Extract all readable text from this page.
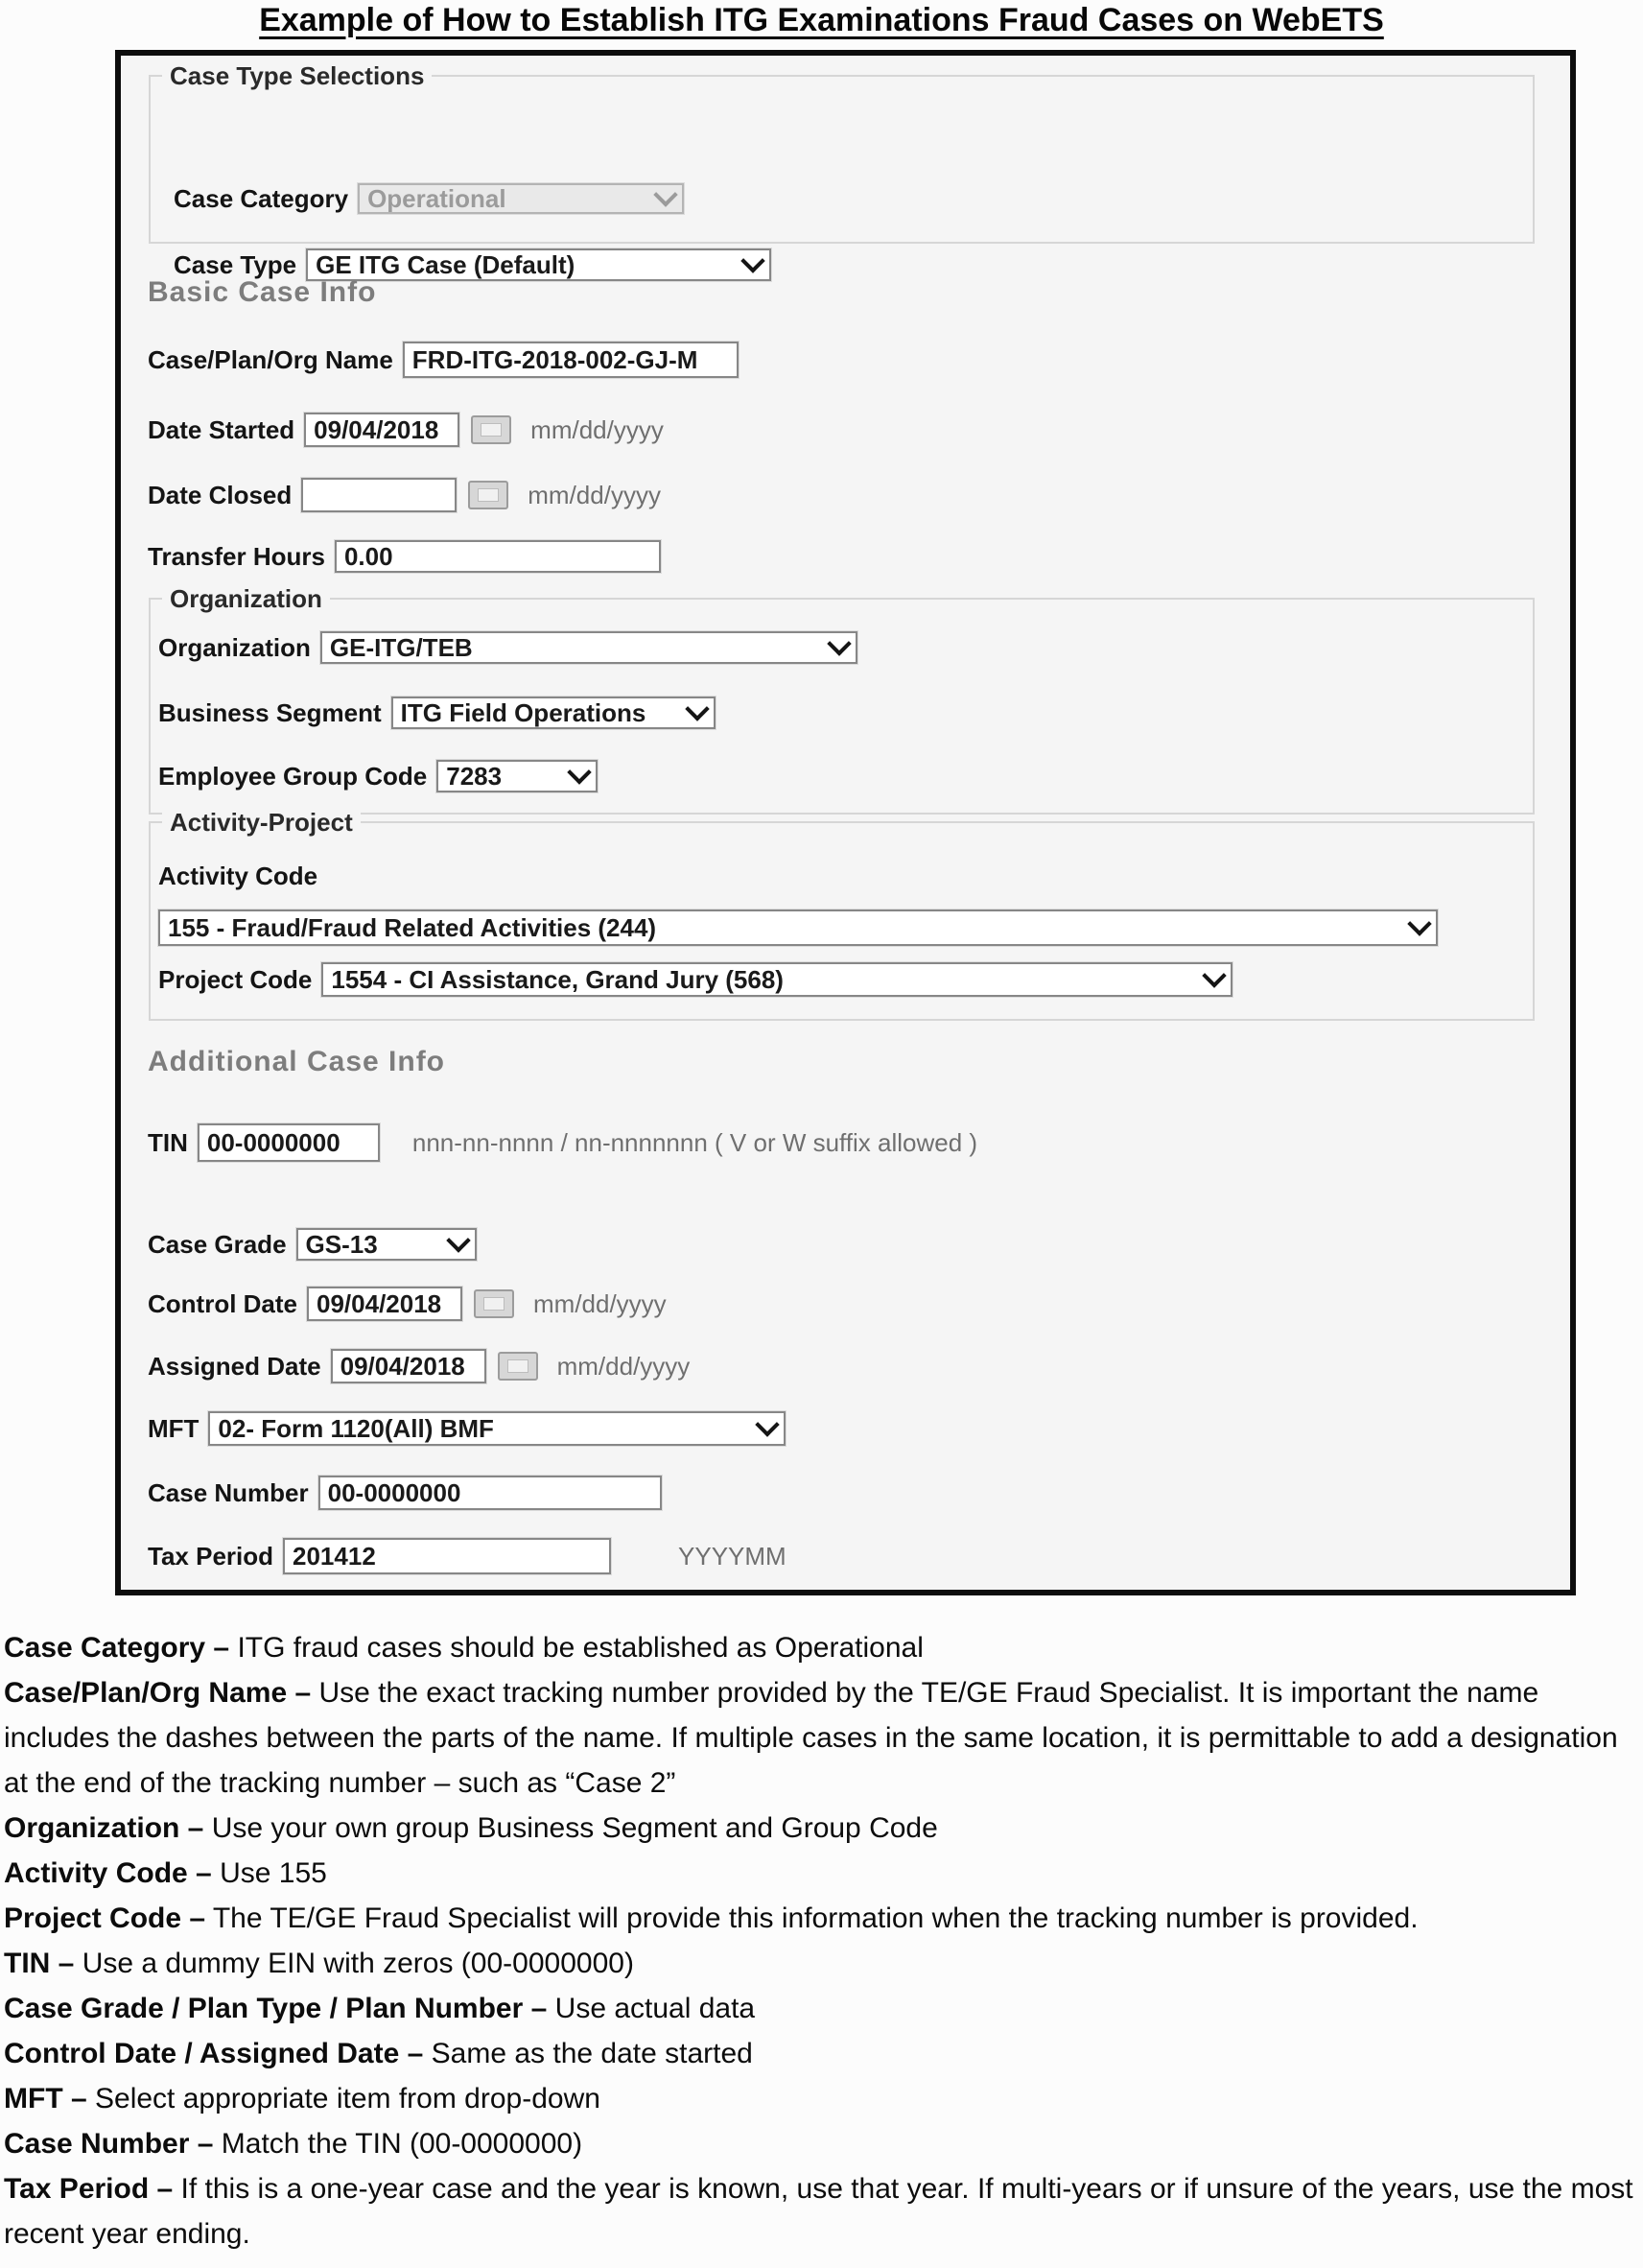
Example of How to Establish ITG Examinations Fraud Cases on WebETS
Case Type Selections
Case Category Operational
Case Type GE ITG Case (Default)
Basic Case Info
Case/Plan/Org Name FRD-ITG-2018-002-GJ-M
Date Started 09/04/2018	mm/dd/yyyy
Date Closed	mm/dd/yyyy
Transfer Hours 0.00
Organization
Organization GE-ITG/TEB
Business Segment ITG Field Operations
Employee Group Code 7283
Activity-Project
Activity Code
155 - Fraud/Fraud Related Activities (244)
Project Code 1554 - CI Assistance, Grand Jury (568)
Additional Case Info
TIN 00-0000000	nnn-nn-nnnn / nn-nnnnnnn ( V or W suffix allowed )
Case Grade GS-13
Control Date 09/04/2018	mm/dd/yyyy
Assigned Date 09/04/2018	mm/dd/yyyy
MFT 02- Form 1120(All) BMF
Case Number 00-0000000
Tax Period 201412	YYYYMM

Case Category – ITG fraud cases should be established as Operational

Case/Plan/Org Name – Use the exact tracking number provided by the TE/GE Fraud Specialist. It is important the name includes the dashes between the parts of the name. If multiple cases in the same location, it is permittable to add a designation at the end of the tracking number – such as “Case 2”

Organization – Use your own group Business Segment and Group Code

Activity Code – Use 155

Project Code – The TE/GE Fraud Specialist will provide this information when the tracking number is provided.

TIN – Use a dummy EIN with zeros (00-0000000)

Case Grade / Plan Type / Plan Number – Use actual data

Control Date / Assigned Date – Same as the date started

MFT – Select appropriate item from drop-down

Case Number – Match the TIN (00-0000000)

Tax Period – If this is a one-year case and the year is known, use that year. If multi-years or if unsure of the years, use the most recent year ending.
